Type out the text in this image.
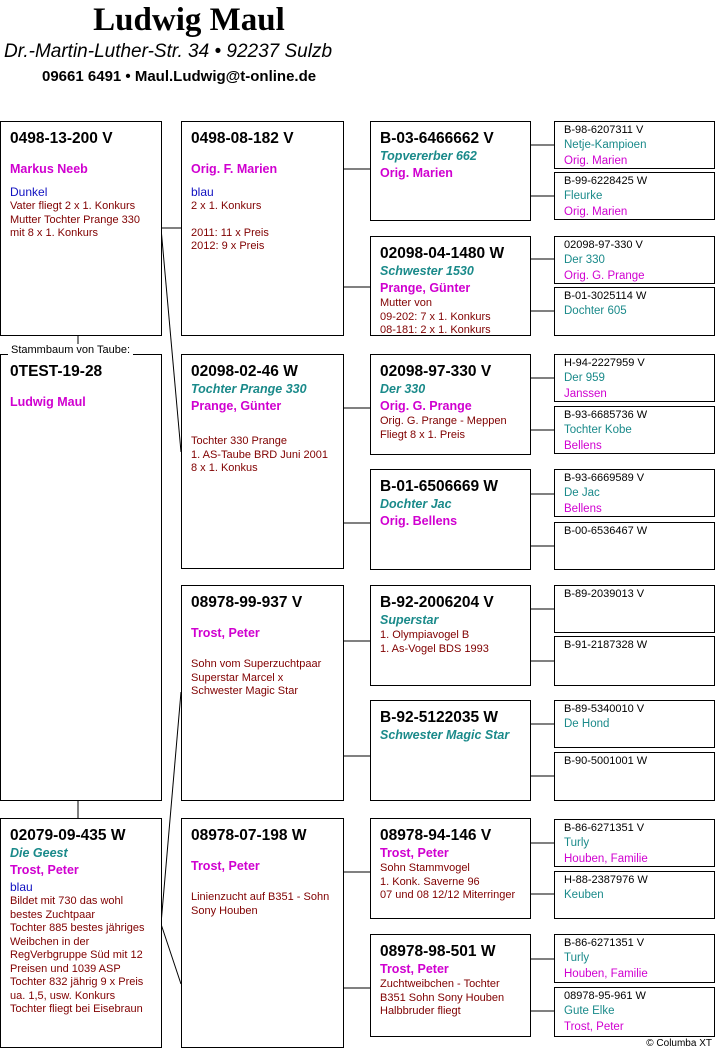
Ludwig Maul
Dr.-Martin-Luther-Str. 34 • 92237 Sulzb
09661 6491 • Maul.Ludwig@t-online.de
0498-13-200 V
Markus Neeb
Dunkel
Vater fliegt 2 x 1. Konkurs
Mutter Tochter Prange 330
mit 8 x 1. Konkurs
0TEST-19-28
Ludwig Maul
Stammbaum von Taube:
02079-09-435 W
Die Geest
Trost, Peter
blau
Bildet mit 730 das wohl
bestes Zuchtpaar
Tochter 885 bestes jähriges
Weibchen in der
RegVerbgruppe Süd mit 12
Preisen und 1039 ASP
Tochter 832 jährig 9 x Preis
ua. 1,5, usw. Konkurs
Tochter fliegt bei Eisebraun
0498-08-182 V
Orig. F. Marien
blau
2 x 1. Konkurs
2011: 11 x Preis
2012: 9 x Preis
02098-02-46 W
Tochter Prange 330
Prange, Günter
Tochter 330 Prange
1. AS-Taube BRD Juni 2001
8 x 1. Konkus
08978-99-937 V
Trost, Peter
Sohn vom Superzuchtpaar
Superstar Marcel x
Schwester Magic Star
08978-07-198 W
Trost, Peter
Linienzucht auf B351 - Sohn
Sony Houben
B-03-6466662 V
Topvererber 662
Orig. Marien
02098-04-1480 W
Schwester 1530
Prange, Günter
Mutter von
09-202: 7 x 1. Konkurs
08-181: 2 x 1. Konkurs
02098-97-330 V
Der 330
Orig. G. Prange
Orig. G. Prange - Meppen
Fliegt 8 x 1. Preis
B-01-6506669 W
Dochter Jac
Orig. Bellens
B-92-2006204 V
Superstar
1. Olympiavogel B
1. As-Vogel BDS 1993
B-92-5122035 W
Schwester Magic Star
08978-94-146 V
Trost, Peter
Sohn Stammvogel
1. Konk. Saverne 96
07 und 08 12/12 Miterringer
08978-98-501 W
Trost, Peter
Zuchtweibchen - Tochter
B351 Sohn Sony Houben
Halbbruder fliegt
B-98-6207311 V
Netje-Kampioen
Orig. Marien
B-99-6228425 W
Fleurke
Orig. Marien
02098-97-330 V
Der 330
Orig. G. Prange
B-01-3025114 W
Dochter 605
H-94-2227959 V
Der 959
Janssen
B-93-6685736 W
Tochter Kobe
Bellens
B-93-6669589 V
De Jac
Bellens
B-00-6536467 W
B-89-2039013 V
B-91-2187328 W
B-89-5340010 V
De Hond
B-90-5001001 W
B-86-6271351 V
Turly
Houben, Familie
H-88-2387976 W
Keuben
B-86-6271351 V
Turly
Houben, Familie
08978-95-961 W
Gute Elke
Trost, Peter
© Columba XT
